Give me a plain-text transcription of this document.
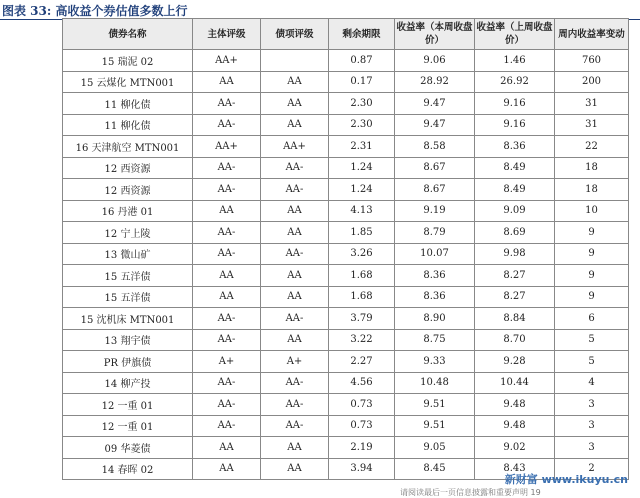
图表 33: 高收益个券估值多数上行
债券名称	主体评级	债项评级	剩余期限	收益率（本周收盘价）	收益率（上周收盘价）	周内收益率变动
15 瑞泥 02	AA+		0.87	9.06	1.46	760
15 云煤化 MTN001	AA	AA	0.17	28.92	26.92	200
11 柳化债	AA-	AA	2.30	9.47	9.16	31
11 柳化债	AA-	AA	2.30	9.47	9.16	31
16 天津航空 MTN001	AA+	AA+	2.31	8.58	8.36	22
12 西资源	AA-	AA-	1.24	8.67	8.49	18
12 西资源	AA-	AA-	1.24	8.67	8.49	18
16 丹港 01	AA	AA	4.13	9.19	9.09	10
12 宁上陵	AA-	AA	1.85	8.79	8.69	9
13 微山矿	AA-	AA-	3.26	10.07	9.98	9
15 五洋债	AA	AA	1.68	8.36	8.27	9
15 五洋债	AA	AA	1.68	8.36	8.27	9
15 沈机床 MTN001	AA-	AA-	3.79	8.90	8.84	6
13 翔宇债	AA-	AA	3.22	8.75	8.70	5
PR 伊旗债	A+	A+	2.27	9.33	9.28	5
14 柳产投	AA-	AA-	4.56	10.48	10.44	4
12 一重 01	AA-	AA-	0.73	9.51	9.48	3
12 一重 01	AA-	AA-	0.73	9.51	9.48	3
09 华菱债	AA	AA	2.19	9.05	9.02	3
14 春晖 02	AA	AA	3.94	8.45	8.43	2
新财富 www.ikuyu.cn
请阅读最后一页信息披露和重要声明 19
